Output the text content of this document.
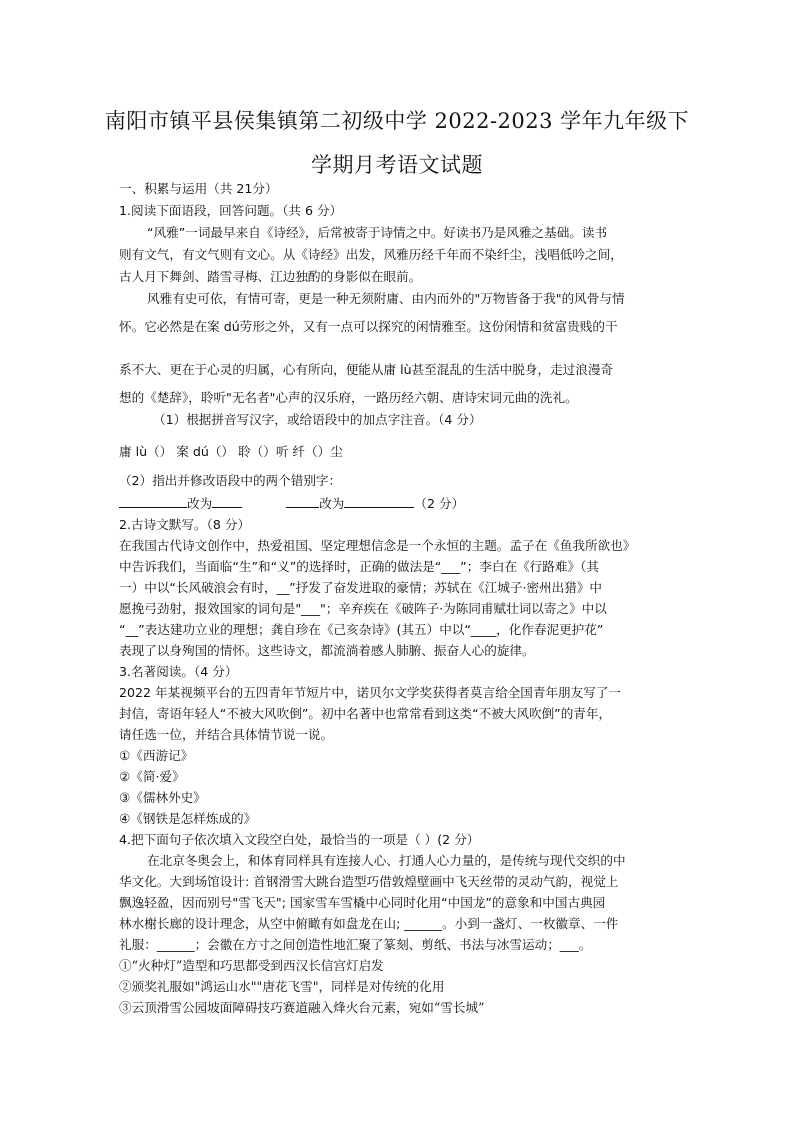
南阳市镇平县侯集镇第二初级中学 2022-2023 学年九年级下
学期月考语文试题
一、积累与运用（共 21分）
1.阅读下面语段，回答问题。（共 6 分）
“风雅”一词最早来自《诗经》，后常被寄于诗情之中。好读书乃是风雅之基础。读书
则有文气，有文气则有文心。从《诗经》出发，风雅历经千年而不染纤尘，浅唱低吟之间，
古人月下舞剑、踏雪寻梅、江边独酌的身影似在眼前。
风雅有史可依，有情可寄，更是一种无须附庸、由内而外的"万物皆备于我"的风骨与情
怀。它必然是在案 dú劳形之外，又有一点可以探究的闲情雅至。这份闲情和贫富贵贱的干
系不大、更在于心灵的归属，心有所向，便能从庸 lù甚至混乱的生活中脱身，走过浪漫奇
想的《楚辞》，聆听"无名者"心声的汉乐府，一路历经六朝、唐诗宋词元曲的洗礼。
（1）根据拼音写汉字，或给语段中的加点字注音。（4 分）
庸 lù（） 案 dú（） 聆（）听 纤（）尘
（2）指出并修改语段中的两个错别字：
改为	改为	（2 分）
2.古诗文默写。（8 分）
在我国古代诗文创作中，热爱祖国、坚定理想信念是一个永恒的主题。孟子在《鱼我所欲也》
中告诉我们，当面临“生”和“义”的选择时，正确的做法是“___”；李白在《行路难》（其
一）中以“长风破浪会有时，__”抒发了奋发进取的豪情；苏轼在《江城子·密州出猎》中
愿挽弓劲射，报效国家的词句是"___"；辛弃疾在《破阵子·为陈同甫赋壮词以寄之》中以
“__”表达建功立业的理想；龚自珍在《己亥杂诗》(其五）中以“____，化作春泥更护花”
表现了以身殉国的情怀。这些诗文，都流淌着感人肺腑、振奋人心的旋律。
3.名著阅读。（4 分）
2022 年某视频平台的五四青年节短片中，诺贝尔文学奖获得者莫言给全国青年朋友写了一
封信，寄语年轻人“不被大风吹倒”。初中名著中也常常看到这类“不被大风吹倒”的青年，
请任选一位，并结合具体情节说一说。
①《西游记》
②《简·爱》
③《儒林外史》
④《钢铁是怎样炼成的》
4.把下面句子依次填入文段空白处，最恰当的一项是（ ）(2 分）
在北京冬奥会上，和体育同样具有连接人心、打通人心力量的，是传统与现代交织的中
华文化。大到场馆设计: 首钢滑雪大跳台造型巧借敦煌壁画中飞天丝带的灵动气韵，视觉上
飘逸轻盈，因而别号"雪飞天"; 国家雪车雪橇中心同时化用“中国龙”的意象和中国古典园
林水榭长廊的设计理念，从空中俯瞰有如盘龙在山; ______。小到一盏灯、一枚徽章、一件
礼服：______；会徽在方寸之间创造性地汇聚了篆刻、剪纸、书法与冰雪运动；___。
①“火种灯”造型和巧思都受到西汉长信宫灯启发
②颁奖礼服如"鸿运山水""唐花飞雪"，同样是对传统的化用
③云顶滑雪公园坡面障碍技巧赛道融入烽火台元素，宛如“雪长城”
